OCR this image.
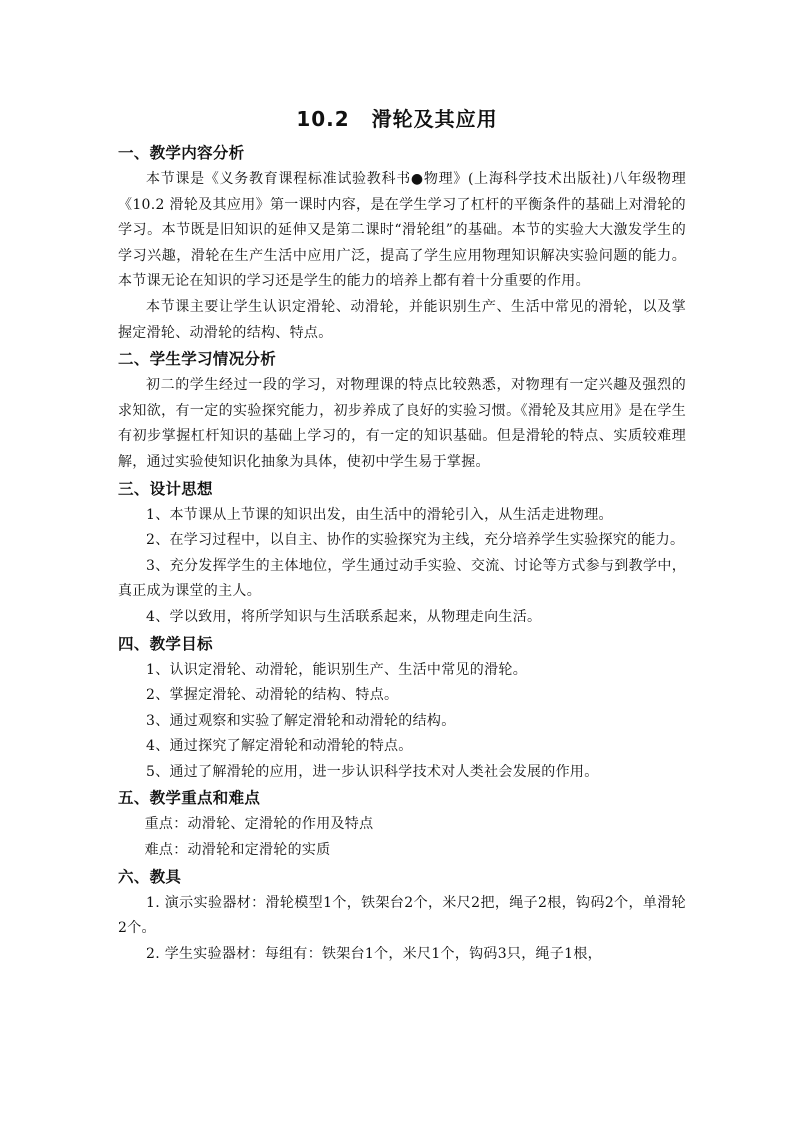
10.2 滑轮及其应用

一、教学内容分析

本节课是《义务教育课程标准试验教科书●物理》(上海科学技术出版社)八年级物理《10.2 滑轮及其应用》第一课时内容，是在学生学习了杠杆的平衡条件的基础上对滑轮的学习。本节既是旧知识的延伸又是第二课时“滑轮组”的基础。本节的实验大大激发学生的学习兴趣，滑轮在生产生活中应用广泛，提高了学生应用物理知识解决实验问题的能力。本节课无论在知识的学习还是学生的能力的培养上都有着十分重要的作用。

本节课主要让学生认识定滑轮、动滑轮，并能识别生产、生活中常见的滑轮，以及掌握定滑轮、动滑轮的结构、特点。

二、学生学习情况分析

初二的学生经过一段的学习，对物理课的特点比较熟悉，对物理有一定兴趣及强烈的求知欲，有一定的实验探究能力，初步养成了良好的实验习惯。《滑轮及其应用》是在学生有初步掌握杠杆知识的基础上学习的，有一定的知识基础。但是滑轮的特点、实质较难理解，通过实验使知识化抽象为具体，使初中学生易于掌握。

三、设计思想

1、本节课从上节课的知识出发，由生活中的滑轮引入，从生活走进物理。

2、在学习过程中，以自主、协作的实验探究为主线，充分培养学生实验探究的能力。

3、充分发挥学生的主体地位，学生通过动手实验、交流、讨论等方式参与到教学中，真正成为课堂的主人。

4、学以致用，将所学知识与生活联系起来，从物理走向生活。

四、教学目标

1、认识定滑轮、动滑轮，能识别生产、生活中常见的滑轮。

2、掌握定滑轮、动滑轮的结构、特点。

3、通过观察和实验了解定滑轮和动滑轮的结构。

4、通过探究了解定滑轮和动滑轮的特点。

5、通过了解滑轮的应用，进一步认识科学技术对人类社会发展的作用。

五、教学重点和难点

重点：动滑轮、定滑轮的作用及特点

难点：动滑轮和定滑轮的实质

六、教具

1. 演示实验器材：滑轮模型1个，铁架台2个，米尺2把，绳子2根，钩码2个，单滑轮2个。

2. 学生实验器材：每组有：铁架台1个，米尺1个，钩码3只，绳子1根，
